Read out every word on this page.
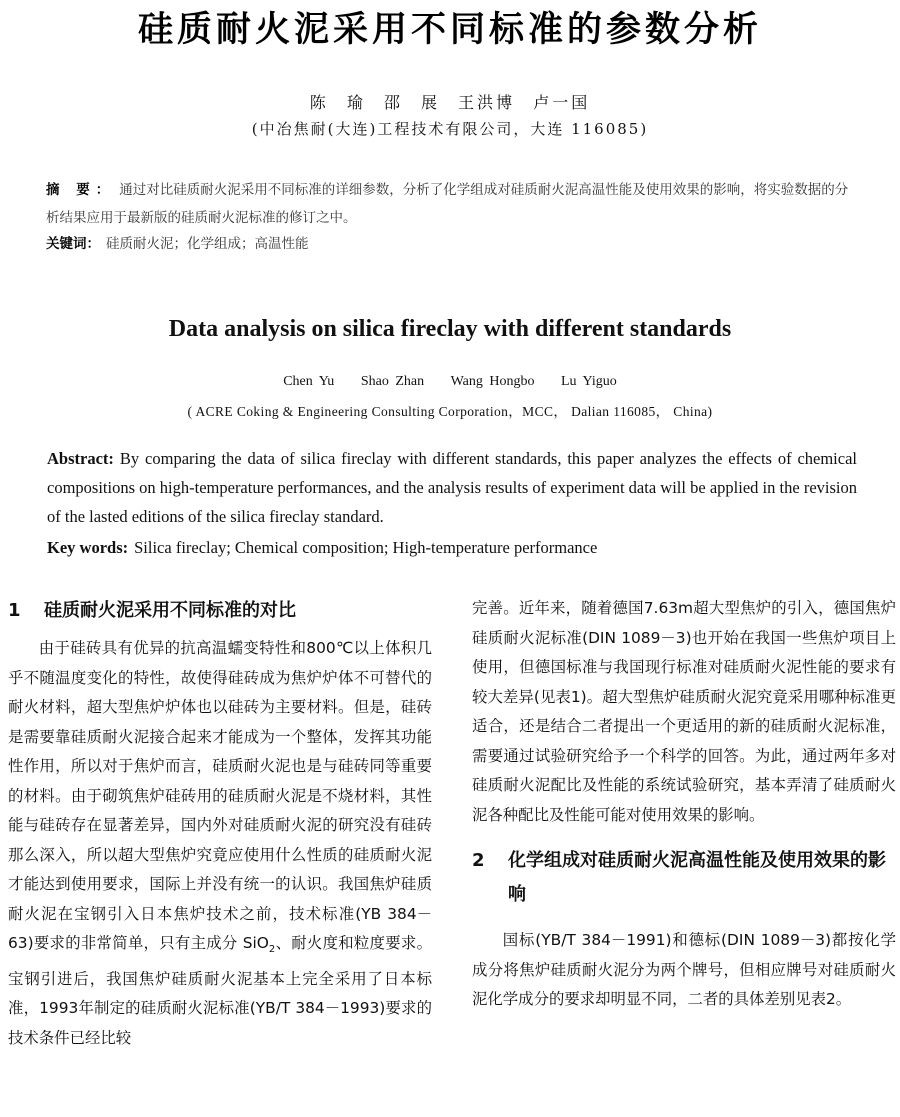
硅质耐火泥采用不同标准的参数分析
陈 瑜 邵 展 王洪博 卢一国
(中冶焦耐(大连)工程技术有限公司，大连 116085)
摘 要： 通过对比硅质耐火泥采用不同标准的详细参数，分析了化学组成对硅质耐火泥高温性能及使用效果的影响，将实验数据的分析结果应用于最新版的硅质耐火泥标准的修订之中。
关键词： 硅质耐火泥；化学组成；高温性能
Data analysis on silica fireclay with different standards
Chen Yu Shao Zhan Wang Hongbo Lu Yiguo
( ACRE Coking & Engineering Consulting Corporation，MCC， Dalian 116085， China)
Abstract: By comparing the data of silica fireclay with different standards, this paper analyzes the effects of chemical compositions on high-temperature performances, and the analysis results of experiment data will be applied in the revision of the lasted editions of the silica fireclay standard.
Key words: Silica fireclay; Chemical composition; High-temperature performance
1	硅质耐火泥采用不同标准的对比

由于硅砖具有优异的抗高温蠕变特性和800℃以上体积几乎不随温度变化的特性，故使得硅砖成为焦炉炉体不可替代的耐火材料，超大型焦炉炉体也以硅砖为主要材料。但是，硅砖是需要靠硅质耐火泥接合起来才能成为一个整体，发挥其功能性作用，所以对于焦炉而言，硅质耐火泥也是与硅砖同等重要的材料。由于砌筑焦炉硅砖用的硅质耐火泥是不烧材料，其性能与硅砖存在显著差异，国内外对硅质耐火泥的研究没有硅砖那么深入，所以超大型焦炉究竟应使用什么性质的硅质耐火泥才能达到使用要求，国际上并没有统一的认识。我国焦炉硅质耐火泥在宝钢引入日本焦炉技术之前，技术标准(YB 384－63)要求的非常简单，只有主成分 SiO$_2$、耐火度和粒度要求。宝钢引进后，我国焦炉硅质耐火泥基本上完全采用了日本标准，1993年制定的硅质耐火泥标准(YB/T 384－1993)要求的技术条件已经比较

完善。近年来，随着德国7.63m超大型焦炉的引入，德国焦炉硅质耐火泥标准(DIN 1089－3)也开始在我国一些焦炉项目上使用，但德国标准与我国现行标准对硅质耐火泥性能的要求有较大差异(见表1)。超大型焦炉硅质耐火泥究竟采用哪种标准更适合，还是结合二者提出一个更适用的新的硅质耐火泥标准，需要通过试验研究给予一个科学的回答。为此，通过两年多对硅质耐火泥配比及性能的系统试验研究，基本弄清了硅质耐火泥各种配比及性能可能对使用效果的影响。

2	化学组成对硅质耐火泥高温性能及使用效果的影响

国标(YB/T 384－1991)和德标(DIN 1089－3)都按化学成分将焦炉硅质耐火泥分为两个牌号，但相应牌号对硅质耐火泥化学成分的要求却明显不同，二者的具体差别见表2。
